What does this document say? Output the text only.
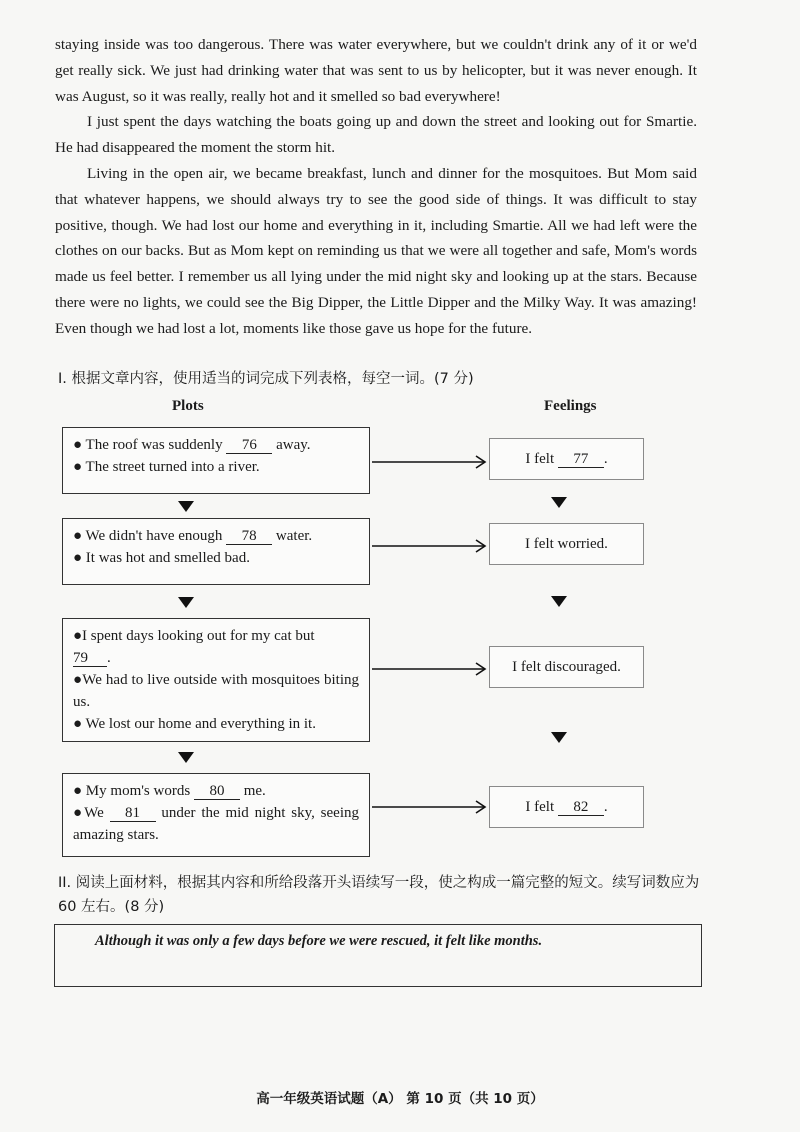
staying inside was too dangerous. There was water everywhere, but we couldn't drink any of it or we'd get really sick. We just had drinking water that was sent to us by helicopter, but it was never enough. It was August, so it was really, really hot and it smelled so bad everywhere!

I just spent the days watching the boats going up and down the street and looking out for Smartie. He had disappeared the moment the storm hit.

Living in the open air, we became breakfast, lunch and dinner for the mosquitoes. But Mom said that whatever happens, we should always try to see the good side of things. It was difficult to stay positive, though. We had lost our home and everything in it, including Smartie. All we had left were the clothes on our backs. But as Mom kept on reminding us that we were all together and safe, Mom's words made us feel better. I remember us all lying under the mid night sky and looking up at the stars. Because there were no lights, we could see the Big Dipper, the Little Dipper and the Milky Way. It was amazing! Even though we had lost a lot, moments like those gave us hope for the future.

I. 根据文章内容，使用适当的词完成下列表格，每空一词。(7 分)
Plots	Feelings
● The roof was suddenly 76 away.
● The street turned into a river.
● We didn't have enough 78 water.
● It was hot and smelled bad.
●I spent days looking out for my cat but
79 .
●We had to live outside with mosquitoes biting us.
● We lost our home and everything in it.
● My mom's words 80 me.
●We 81 under the mid night sky, seeing amazing stars.
I felt
	77	.
I felt worried.
I felt discouraged.
I felt
	82	.
II. 阅读上面材料，根据其内容和所给段落开头语续写一段，使之构成一篇完整的短文。续写词数应为 60 左右。(8 分)
Although it was only a few days before we were rescued, it felt like months.
高一年级英语试题（A） 第 10 页（共 10 页）
